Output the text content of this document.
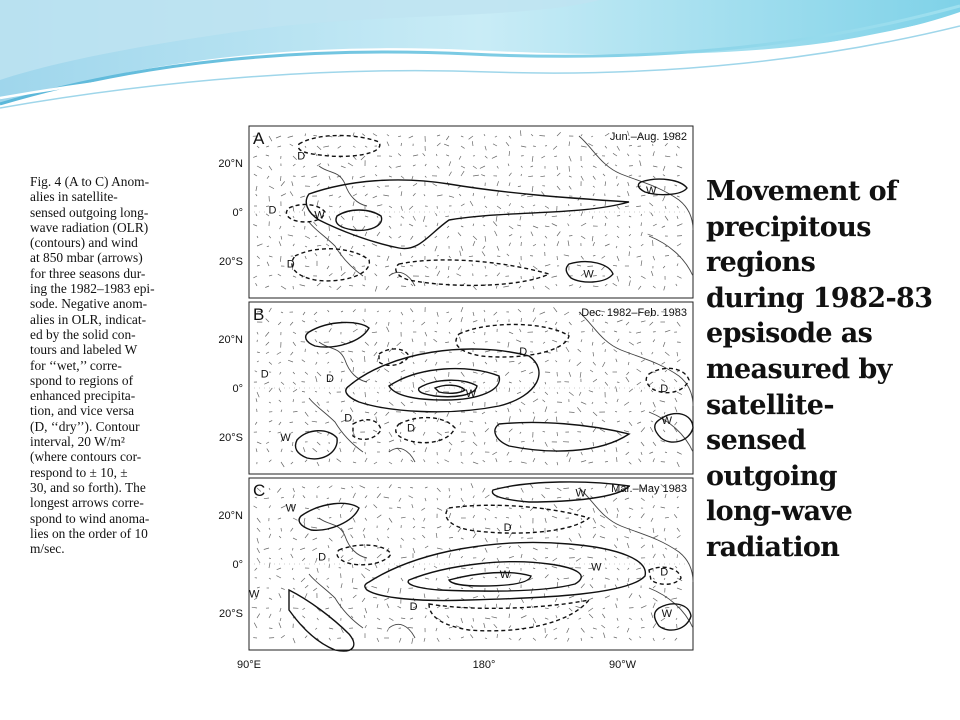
Fig. 4 (A to C) Anom-
alies in satellite-
sensed outgoing long-
wave radiation (OLR)
(contours) and wind
at 850 mbar (arrows)
for three seasons dur-
ing the 1982–1983 epi-
sode. Negative anom-
alies in OLR, indicat-
ed by the solid con-
tours and labeled W
for ‘‘wet,’’ corre-
spond to regions of
enhanced precipita-
tion, and vice versa
(D, ‘‘dry’’). Contour
interval, 20 W/m²
(where contours cor-
respond to ± 10, ±
30, and so forth). The
longest arrows corre-
spond to wind anoma-
lies on the order of 10
m/sec.

A	Jun.–Aug. 1982
20°N
0°
20°S
D
D	W
D
W
W
B	Dec. 1982–Feb. 1983
20°N
0°
20°S
D
D	D
W	D
D
D
W
W
C	Mar.–May 1983
20°N
0°
20°S
W
W
D
D
W
W	D
D
W
W
90°E	180°	90°W
Movement of
precipitous
regions
during 1982-83
epsisode as
measured by
satellite-
sensed
outgoing
long-wave
radiation
